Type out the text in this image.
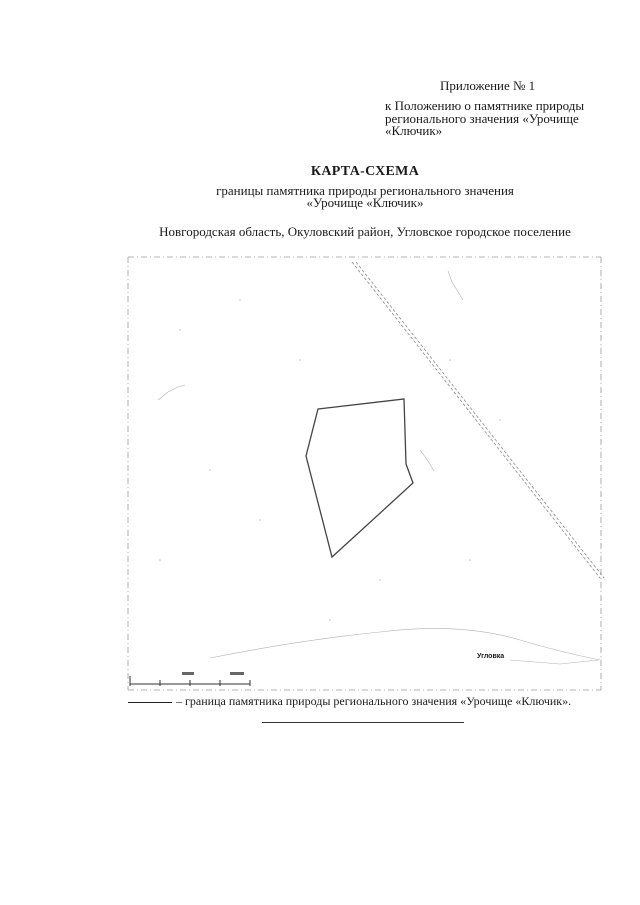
Приложение № 1
к Положению о памятнике природы
регионального значения «Урочище
«Ключик»
КАРТА-СХЕМА
границы памятника природы регионального значения
«Урочище «Ключик»
Новгородская область, Окуловский район, Угловское городское поселение
Угловка
– граница памятника природы регионального значения «Урочище «Ключик».
